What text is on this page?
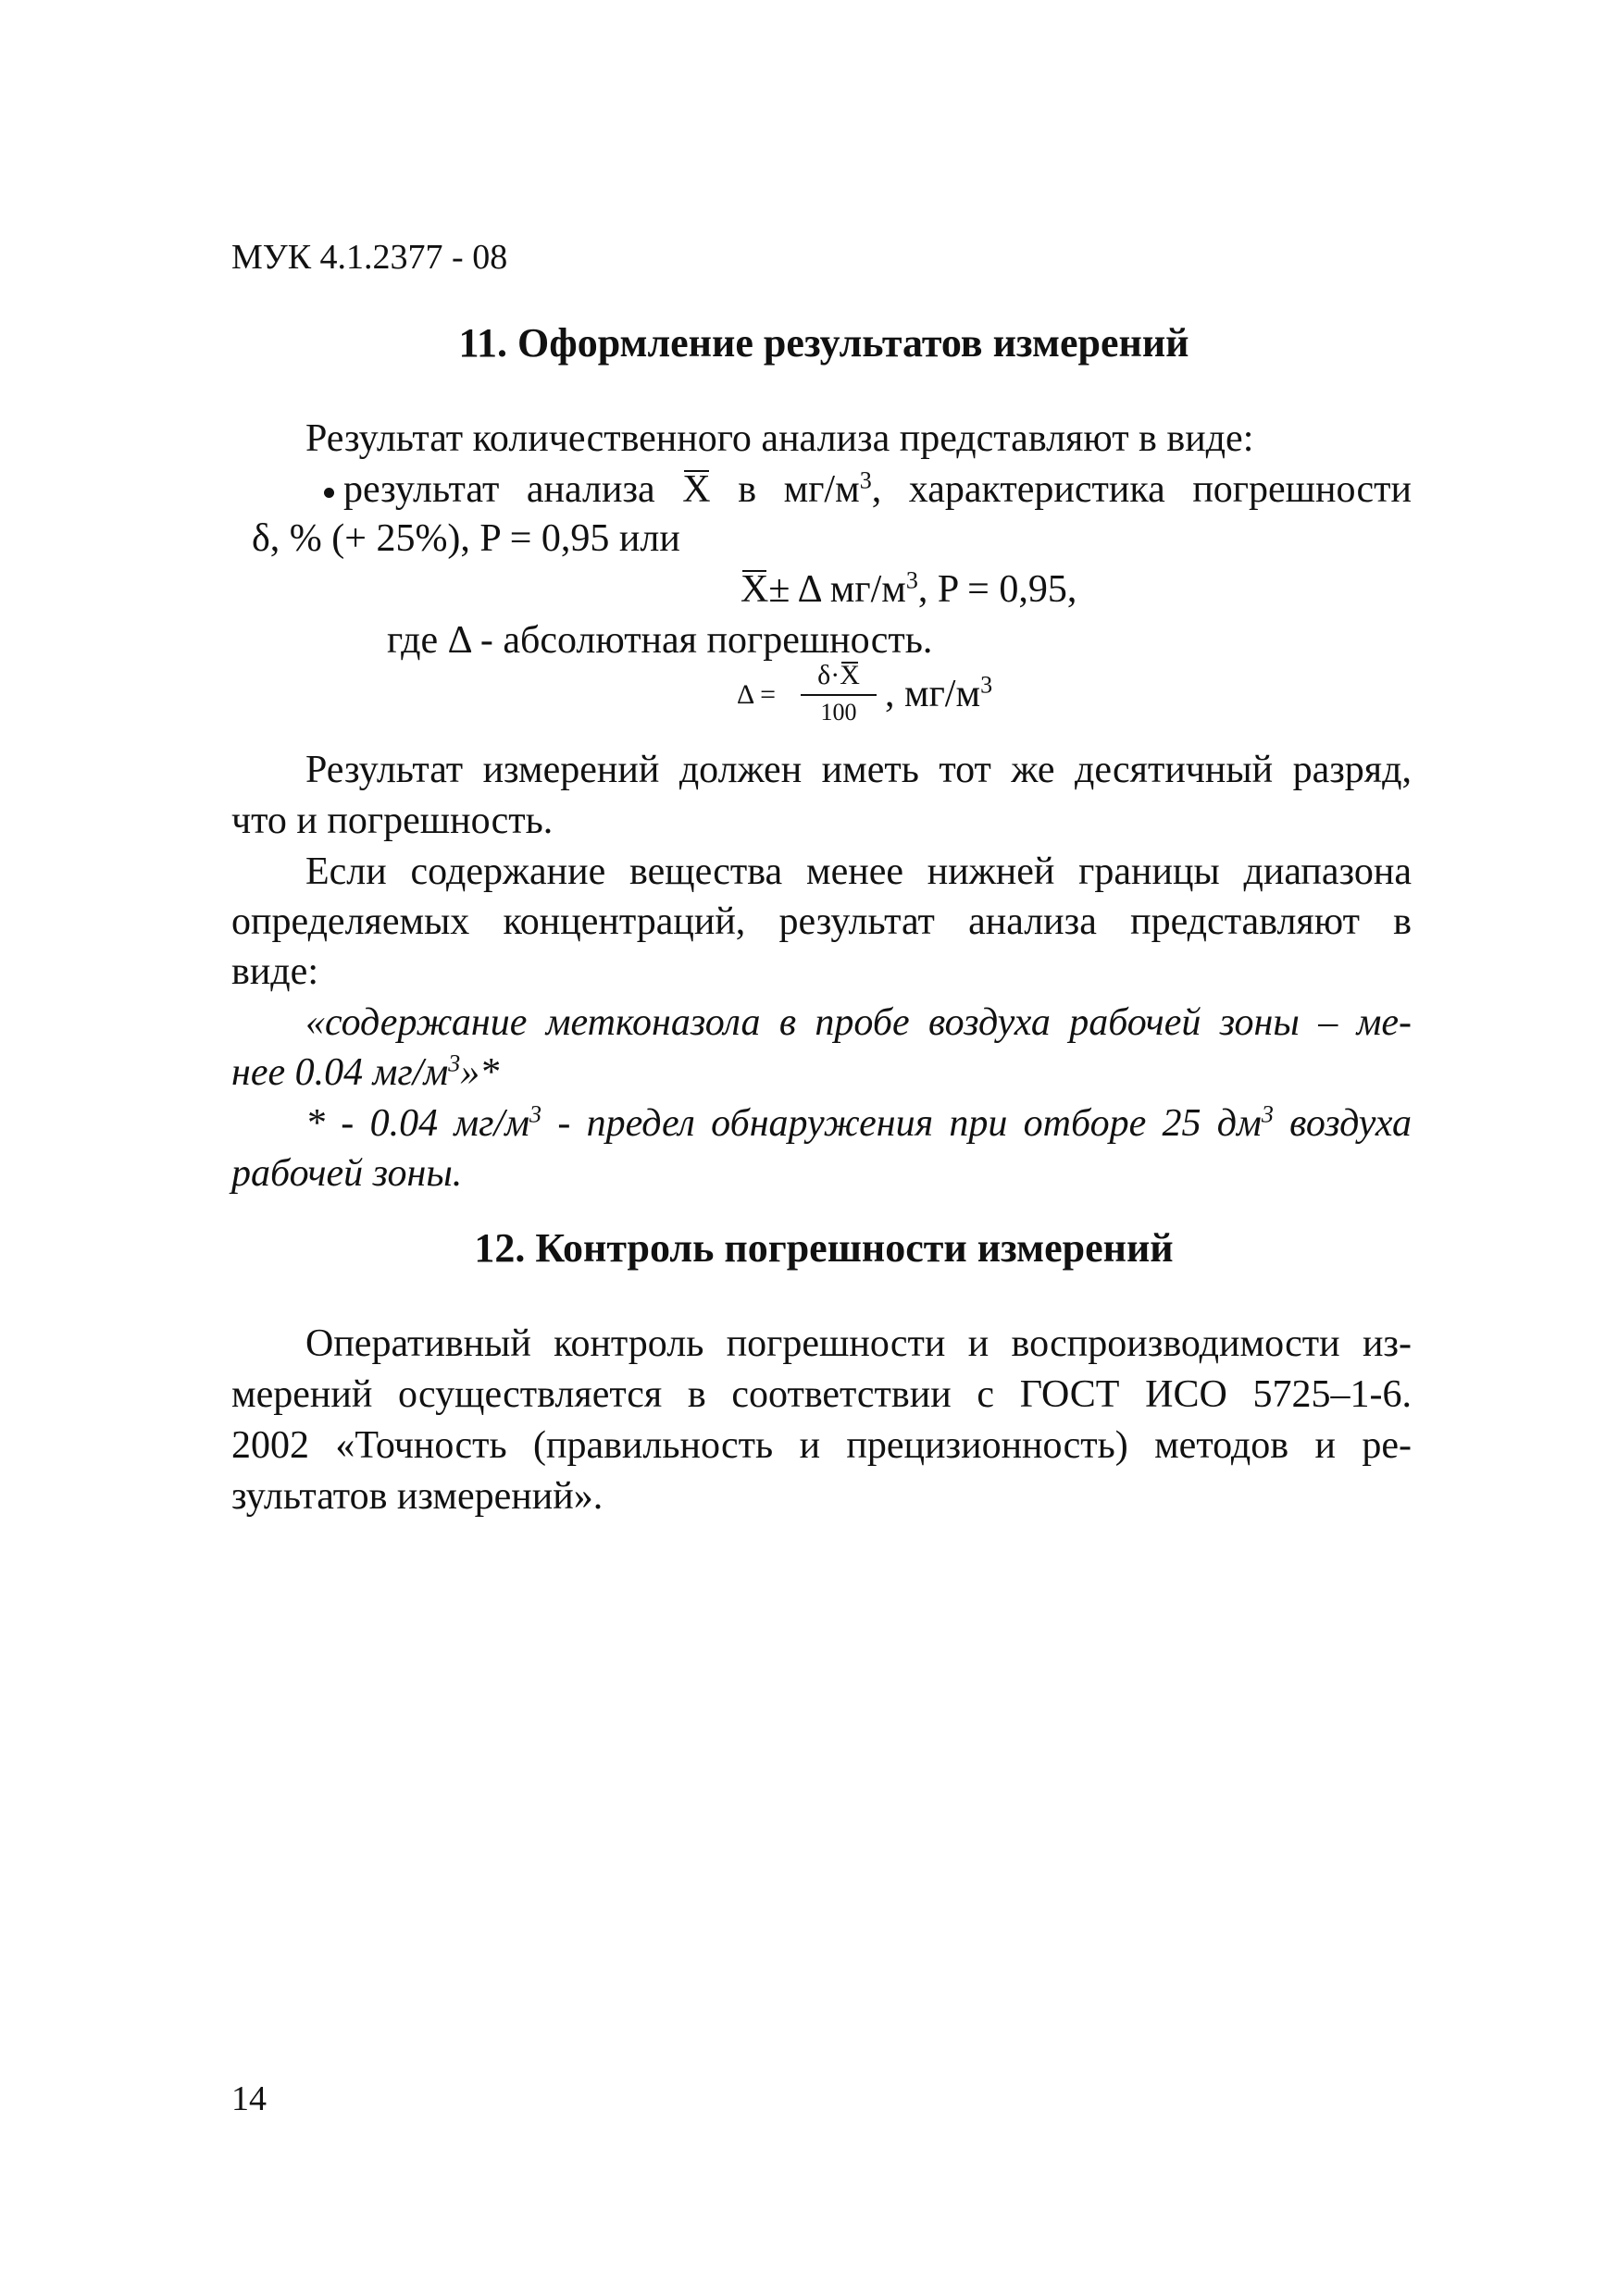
МУК 4.1.2377 - 08
11. Оформление результатов измерений
Результат количественного анализа представляют в виде:
результат анализа X в $мг/м^3$, характеристика погрешности
δ, % (+ 25%), P = 0,95 или
X± Δ $мг/м^3$, P = 0,95,
где Δ - абсолютная погрешность.
Δ =
δ·X
100 , $мг/м^3$
Результат измерений должен иметь тот же десятичный разряд,
что и погрешность.
Если содержание вещества менее нижней границы диапазона
определяемых концентраций, результат анализа представляют в
виде:
«содержание метконазола в пробе воздуха рабочей зоны – ме-
нее 0.04 $мг/м^3»*$
* - 0.04 $мг/м^3$ - предел обнаружения при отборе 25 $дм^3$ воздуха
рабочей зоны.
12. Контроль погрешности измерений
Оперативный контроль погрешности и воспроизводимости из-
мерений осуществляется в соответствии с ГОСТ ИСО 5725–1-6.
2002 «Точность (правильность и прецизионность) методов и ре-
зультатов измерений».
14
